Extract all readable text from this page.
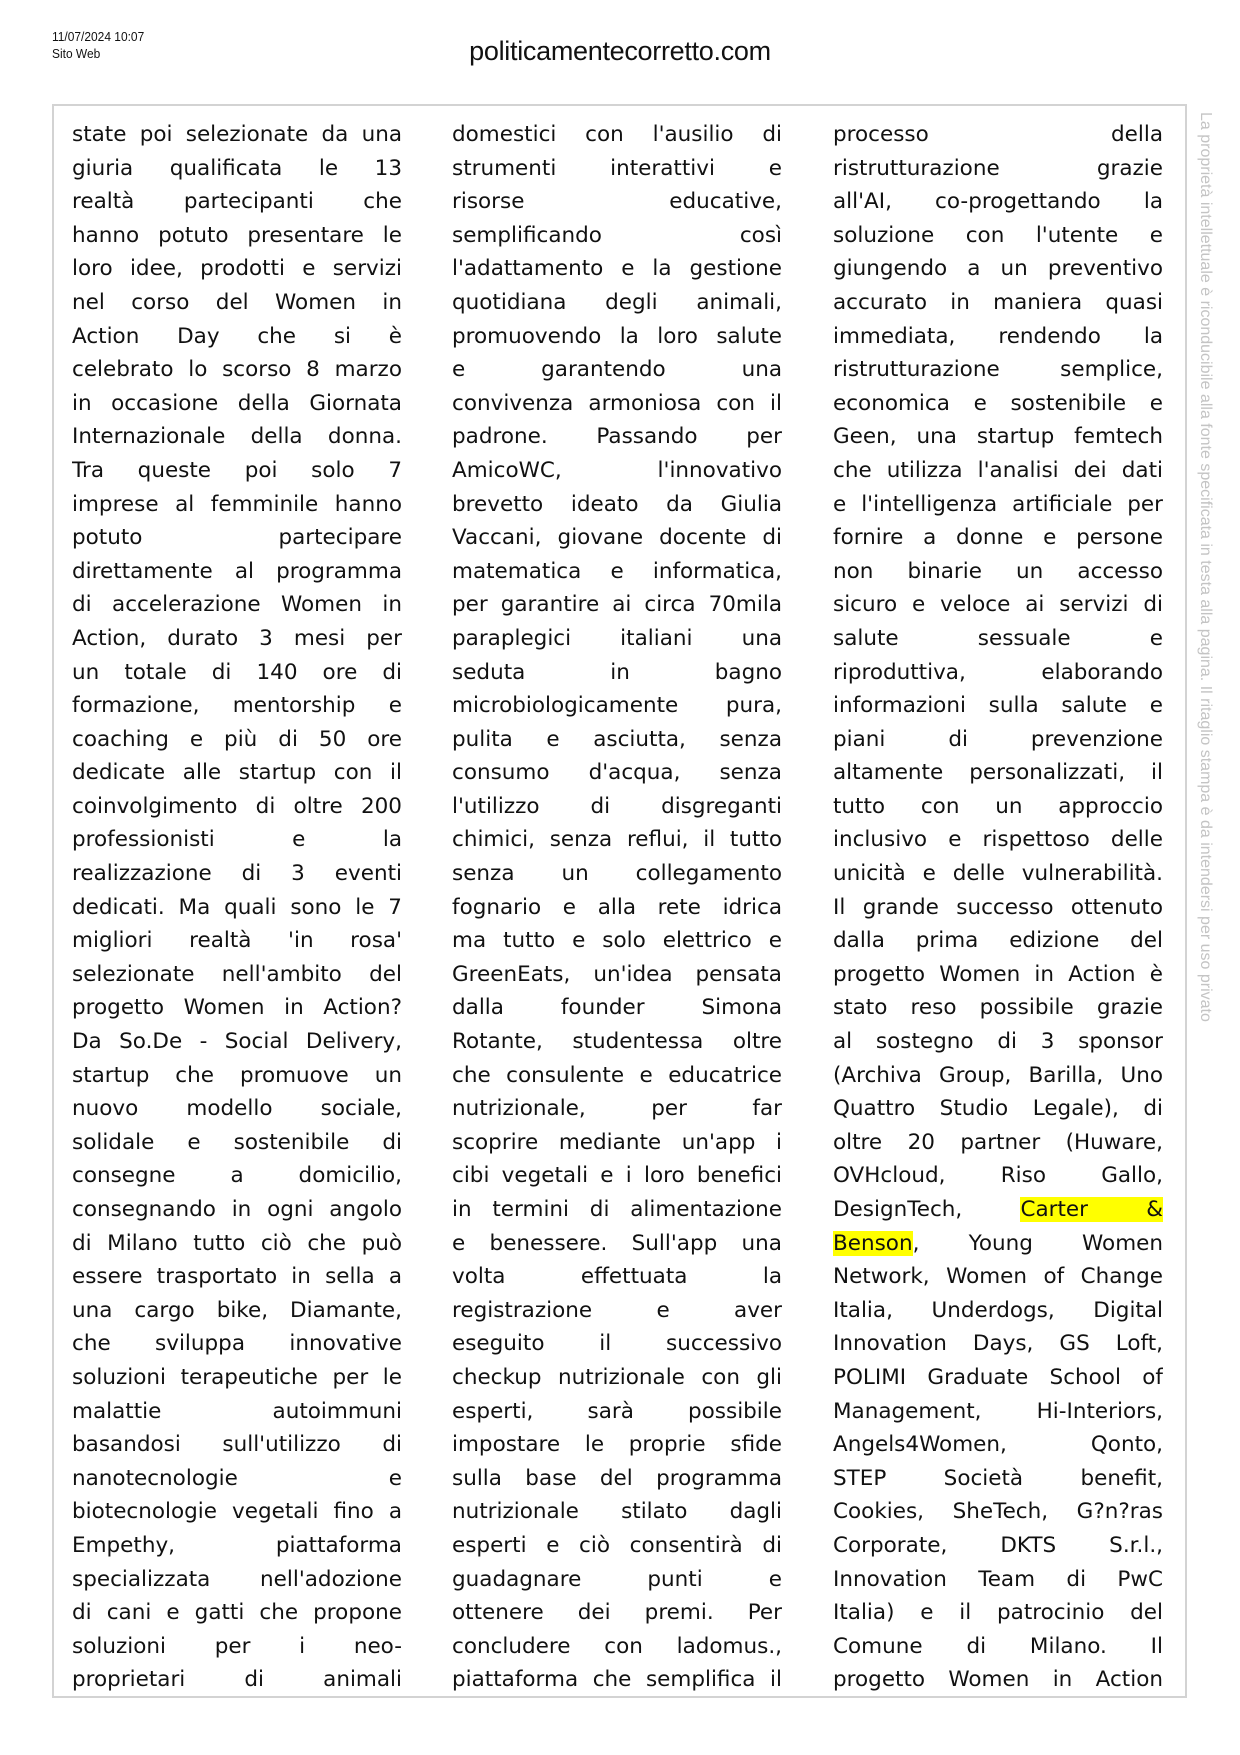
11/07/2024 10:07
Sito Web	politicamentecorretto.com
state poi selezionate da una
giuria qualificata le 13
realtà partecipanti che
hanno potuto presentare le
loro idee, prodotti e servizi
nel corso del Women in
Action Day che si è
celebrato lo scorso 8 marzo
in occasione della Giornata
Internazionale della donna.
Tra queste poi solo 7
imprese al femminile hanno
potuto partecipare
direttamente al programma
di accelerazione Women in
Action, durato 3 mesi per
un totale di 140 ore di
formazione, mentorship e
coaching e più di 50 ore
dedicate alle startup con il
coinvolgimento di oltre 200
professionisti e la
realizzazione di 3 eventi
dedicati. Ma quali sono le 7
migliori realtà 'in rosa'
selezionate nell'ambito del
progetto Women in Action?
Da So.De - Social Delivery,
startup che promuove un
nuovo modello sociale,
solidale e sostenibile di
consegne a domicilio,
consegnando in ogni angolo
di Milano tutto ciò che può
essere trasportato in sella a
una cargo bike, Diamante,
che sviluppa innovative
soluzioni terapeutiche per le
malattie autoimmuni
basandosi sull'utilizzo di
nanotecnologie e
biotecnologie vegetali fino a
Empethy, piattaforma
specializzata nell'adozione
di cani e gatti che propone
soluzioni per i neo-
proprietari di animali
domestici con l'ausilio di
strumenti interattivi e
risorse educative,
semplificando così
l'adattamento e la gestione
quotidiana degli animali,
promuovendo la loro salute
e garantendo una
convivenza armoniosa con il
padrone. Passando per
AmicoWC, l'innovativo
brevetto ideato da Giulia
Vaccani, giovane docente di
matematica e informatica,
per garantire ai circa 70mila
paraplegici italiani una
seduta in bagno
microbiologicamente pura,
pulita e asciutta, senza
consumo d'acqua, senza
l'utilizzo di disgreganti
chimici, senza reflui, il tutto
senza un collegamento
fognario e alla rete idrica
ma tutto e solo elettrico e
GreenEats, un'idea pensata
dalla founder Simona
Rotante, studentessa oltre
che consulente e educatrice
nutrizionale, per far
scoprire mediante un'app i
cibi vegetali e i loro benefici
in termini di alimentazione
e benessere. Sull'app una
volta effettuata la
registrazione e aver
eseguito il successivo
checkup nutrizionale con gli
esperti, sarà possibile
impostare le proprie sfide
sulla base del programma
nutrizionale stilato dagli
esperti e ciò consentirà di
guadagnare punti e
ottenere dei premi. Per
concludere con ladomus.,
piattaforma che semplifica il
processo della
ristrutturazione grazie
all'AI, co-progettando la
soluzione con l'utente e
giungendo a un preventivo
accurato in maniera quasi
immediata, rendendo la
ristrutturazione semplice,
economica e sostenibile e
Geen, una startup femtech
che utilizza l'analisi dei dati
e l'intelligenza artificiale per
fornire a donne e persone
non binarie un accesso
sicuro e veloce ai servizi di
salute sessuale e
riproduttiva, elaborando
informazioni sulla salute e
piani di prevenzione
altamente personalizzati, il
tutto con un approccio
inclusivo e rispettoso delle
unicità e delle vulnerabilità.
Il grande successo ottenuto
dalla prima edizione del
progetto Women in Action è
stato reso possibile grazie
al sostegno di 3 sponsor
(Archiva Group, Barilla, Uno
Quattro Studio Legale), di
oltre 20 partner (Huware,
OVHcloud, Riso Gallo,
DesignTech, Carter &
Benson, Young Women
Network, Women of Change
Italia, Underdogs, Digital
Innovation Days, GS Loft,
POLIMI Graduate School of
Management, Hi-Interiors,
Angels4Women, Qonto,
STEP Società benefit,
Cookies, SheTech, G?n?ras
Corporate, DKTS S.r.l.,
Innovation Team di PwC
Italia) e il patrocinio del
Comune di Milano. Il
progetto Women in Action
La proprietà intellettuale è riconducibile alla fonte specificata in testa alla pagina. Il ritaglio stampa è da intendersi per uso privato
